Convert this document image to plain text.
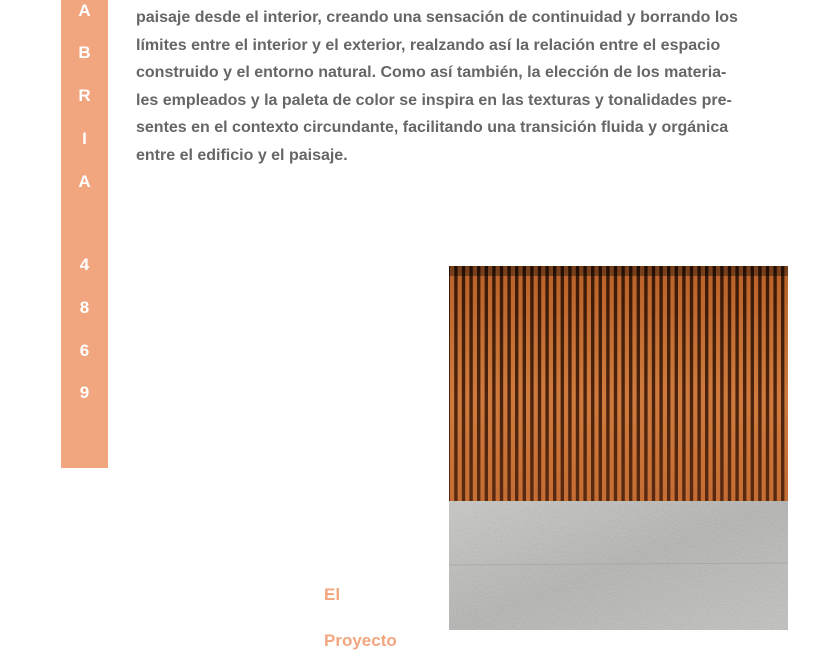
A
B
R
I
A
4
8
6
9

paisaje desde el interior, creando una sensación de continuidad y borrando los
límites entre el interior y el exterior, realzando así la relación entre el espacio
construido y el entorno natural. Como así también, la elección de los materia-
les empleados y la paleta de color se inspira en las texturas y tonalidades pre-
sentes en el contexto circundante, facilitando una transición fluida y orgánica
entre el edificio y el paisaje.

El
Proyecto
